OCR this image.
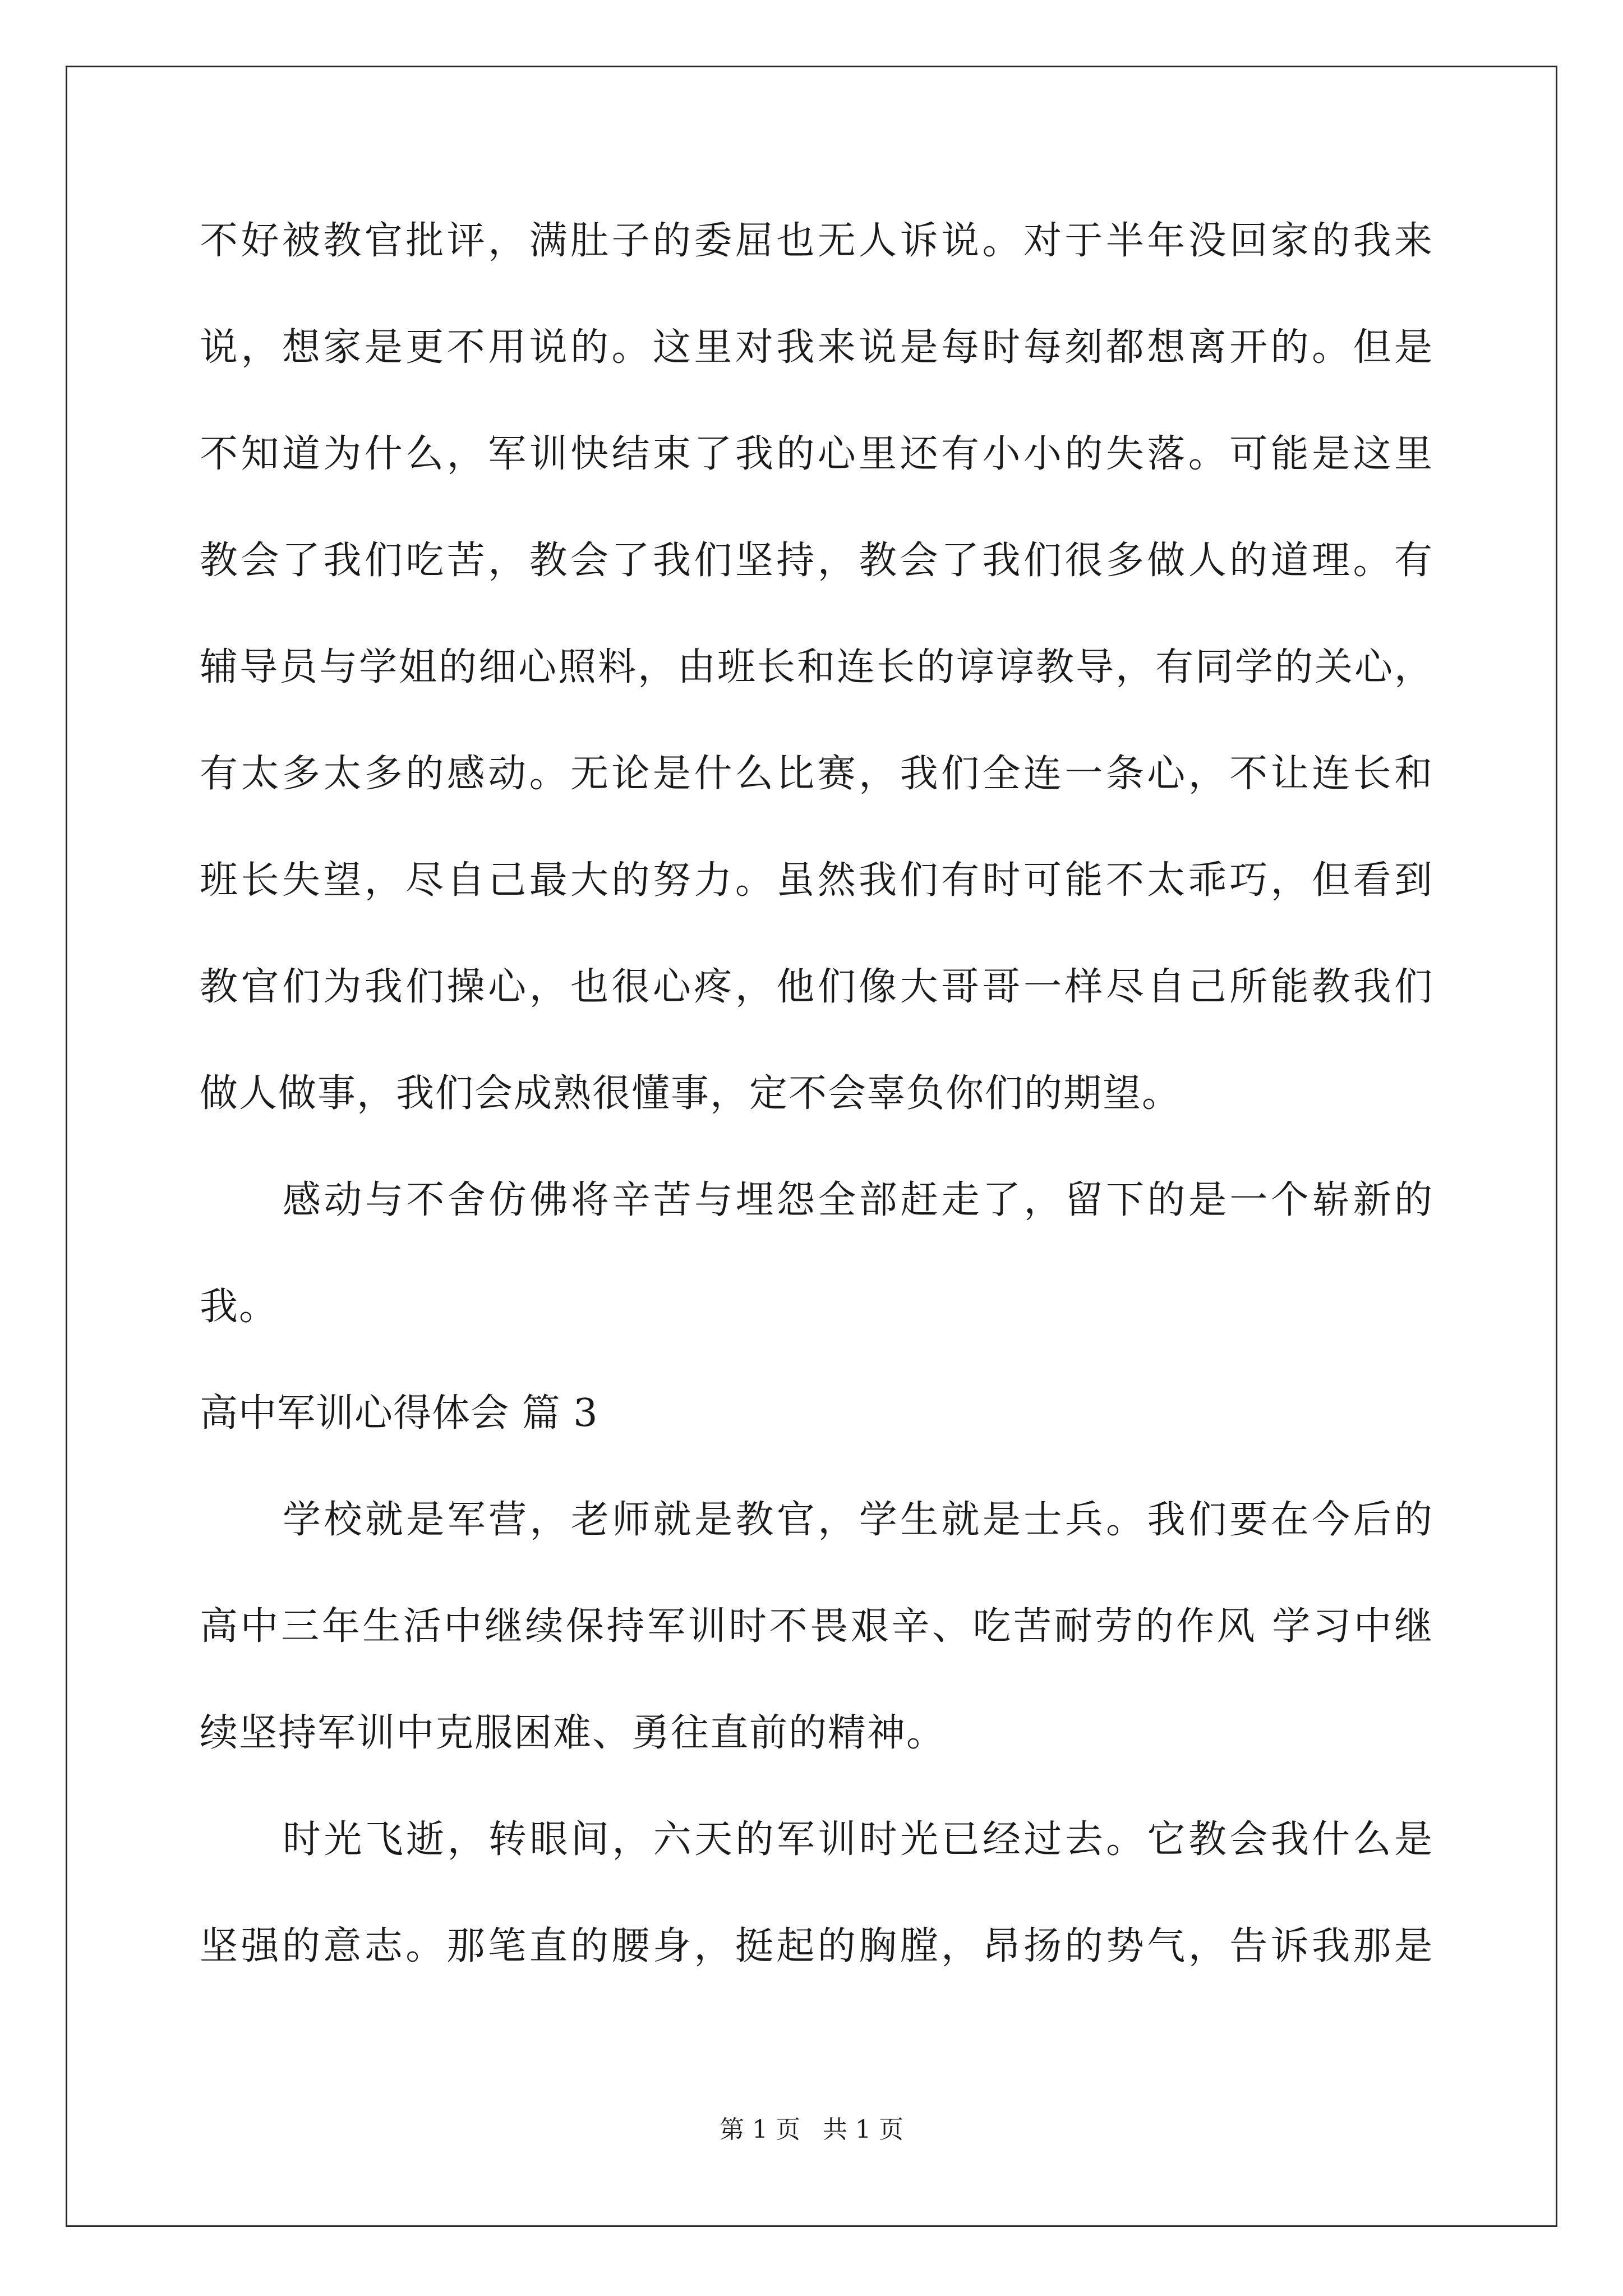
不好被教官批评，满肚子的委屈也无人诉说。对于半年没回家的我来
说，想家是更不用说的。这里对我来说是每时每刻都想离开的。但是
不知道为什么，军训快结束了我的心里还有小小的失落。可能是这里
教会了我们吃苦，教会了我们坚持，教会了我们很多做人的道理。有
辅导员与学姐的细心照料，由班长和连长的谆谆教导，有同学的关心，
有太多太多的感动。无论是什么比赛，我们全连一条心，不让连长和
班长失望，尽自己最大的努力。虽然我们有时可能不太乖巧，但看到
教官们为我们操心，也很心疼，他们像大哥哥一样尽自己所能教我们
做人做事，我们会成熟很懂事，定不会辜负你们的期望。
感动与不舍仿佛将辛苦与埋怨全部赶走了，留下的是一个崭新的
我。
高中军训心得体会 篇 3
学校就是军营，老师就是教官，学生就是士兵。我们要在今后的
高中三年生活中继续保持军训时不畏艰辛、吃苦耐劳的作风 学习中继
续坚持军训中克服困难、勇往直前的精神。
时光飞逝，转眼间，六天的军训时光已经过去。它教会我什么是
坚强的意志。那笔直的腰身，挺起的胸膛，昂扬的势气，告诉我那是
第 1 页 共 1 页
